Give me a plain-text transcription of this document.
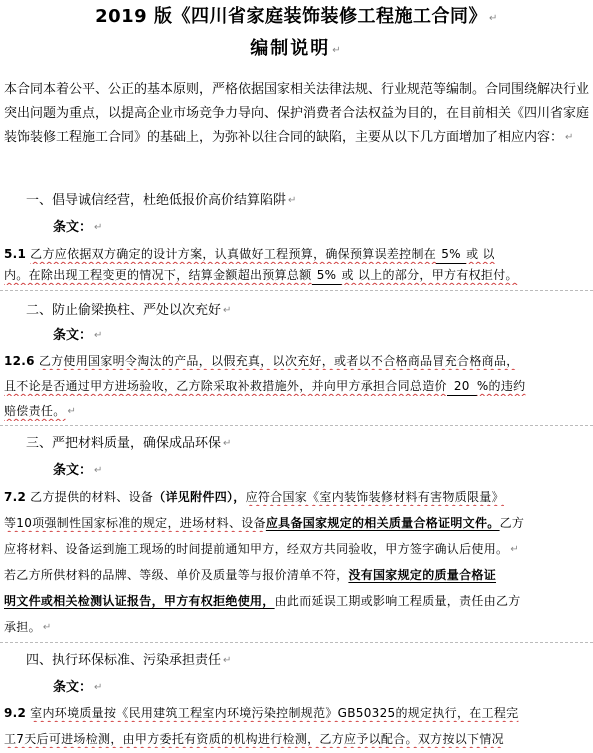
2019 版《四川省家庭装饰装修工程施工合同》 ↵
编制说明 ↵
本合同本着公平、公正的基本原则，严格依据国家相关法律法规、行业规范等编制。合同围绕解决行业突出问题为重点，以提高企业市场竞争力导向、保护消费者合法权益为目的，在目前相关《四川省家庭装饰装修工程施工合同》的基础上，为弥补以往合同的缺陷，主要从以下几方面增加了相应内容： ↵
一、倡导诚信经营，杜绝低报价高价结算陷阱 ↵
条文： ↵
5.1 乙方应依据双方确定的设计方案，认真做好工程预算，确保预算误差控制在 5% 或 以
内。在除出现工程变更的情况下，结算金额超出预算总额 5% 或 以上的部分，甲方有权拒付。
二、防止偷梁换柱、严处以次充好 ↵
条文： ↵
12.6 乙方使用国家明令淘汰的产品，以假充真，以次充好，或者以不合格商品冒充合格商品，
且不论是否通过甲方进场验收，乙方除采取补救措施外，并向甲方承担合同总造价 20 %的违约
赔偿责任。 ↵
三、严把材料质量，确保成品环保 ↵
条文： ↵
7.2 乙方提供的材料、设备（详见附件四），应符合国家《室内装饰装修材料有害物质限量》
等10项强制性国家标准的规定，进场材料、设备应具备国家规定的相关质量合格证明文件。乙方
应将材料、设备运到施工现场的时间提前通知甲方，经双方共同验收，甲方签字确认后使用。 ↵
若乙方所供材料的品牌、等级、单价及质量等与报价清单不符，没有国家规定的质量合格证
明文件或相关检测认证报告，甲方有权拒绝使用，由此而延误工期或影响工程质量，责任由乙方
承担。 ↵
四、执行环保标准、污染承担责任 ↵
条文： ↵
9.2 室内环境质量按《民用建筑工程室内环境污染控制规范》GB50325的规定执行，在工程完
工7天后可进场检测，由甲方委托有资质的机构进行检测，乙方应予以配合。双方按以下情况
